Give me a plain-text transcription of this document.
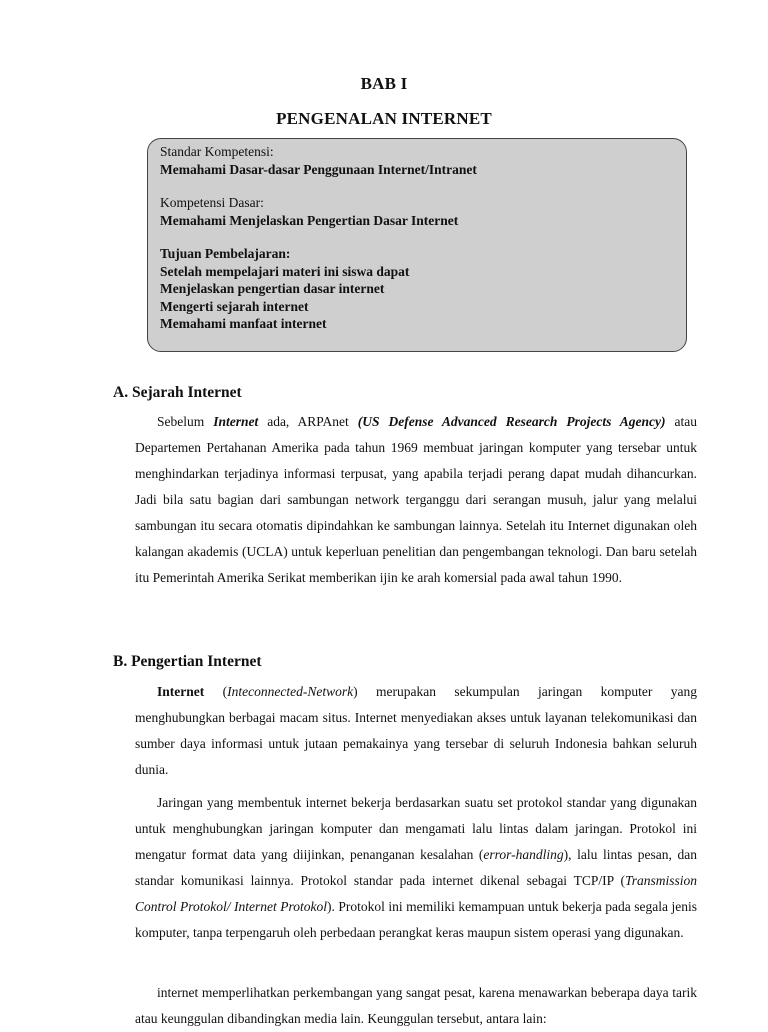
BAB I
PENGENALAN INTERNET
Standar Kompetensi:
Memahami Dasar-dasar Penggunaan Internet/Intranet
Kompetensi Dasar:
Memahami Menjelaskan Pengertian Dasar Internet
Tujuan Pembelajaran:
Setelah mempelajari materi ini siswa dapat
Menjelaskan pengertian dasar internet
Mengerti sejarah internet
Memahami manfaat internet
A. Sejarah Internet

Sebelum Internet ada, ARPAnet (US Defense Advanced Research Projects Agency) atau Departemen Pertahanan Amerika pada tahun 1969 membuat jaringan komputer yang tersebar untuk menghindarkan terjadinya informasi terpusat, yang apabila terjadi perang dapat mudah dihancurkan. Jadi bila satu bagian dari sambungan network terganggu dari serangan musuh, jalur yang melalui sambungan itu secara otomatis dipindahkan ke sambungan lainnya. Setelah itu Internet digunakan oleh kalangan akademis (UCLA) untuk keperluan penelitian dan pengembangan teknologi. Dan baru setelah itu Pemerintah Amerika Serikat memberikan ijin ke arah komersial pada awal tahun 1990.

B. Pengertian Internet

Internet (Inteconnected-Network) merupakan sekumpulan jaringan komputer yang menghubungkan berbagai macam situs. Internet menyediakan akses untuk layanan telekomunikasi dan sumber daya informasi untuk jutaan pemakainya yang tersebar di seluruh Indonesia bahkan seluruh dunia.

Jaringan yang membentuk internet bekerja berdasarkan suatu set protokol standar yang digunakan untuk menghubungkan jaringan komputer dan mengamati lalu lintas dalam jaringan. Protokol ini mengatur format data yang diijinkan, penanganan kesalahan (error-handling), lalu lintas pesan, dan standar komunikasi lainnya. Protokol standar pada internet dikenal sebagai TCP/IP (Transmission Control Protokol/ Internet Protokol). Protokol ini memiliki kemampuan untuk bekerja pada segala jenis komputer, tanpa terpengaruh oleh perbedaan perangkat keras maupun sistem operasi yang digunakan.

internet memperlihatkan perkembangan yang sangat pesat, karena menawarkan beberapa daya tarik atau keunggulan dibandingkan media lain. Keunggulan tersebut, antara lain:
